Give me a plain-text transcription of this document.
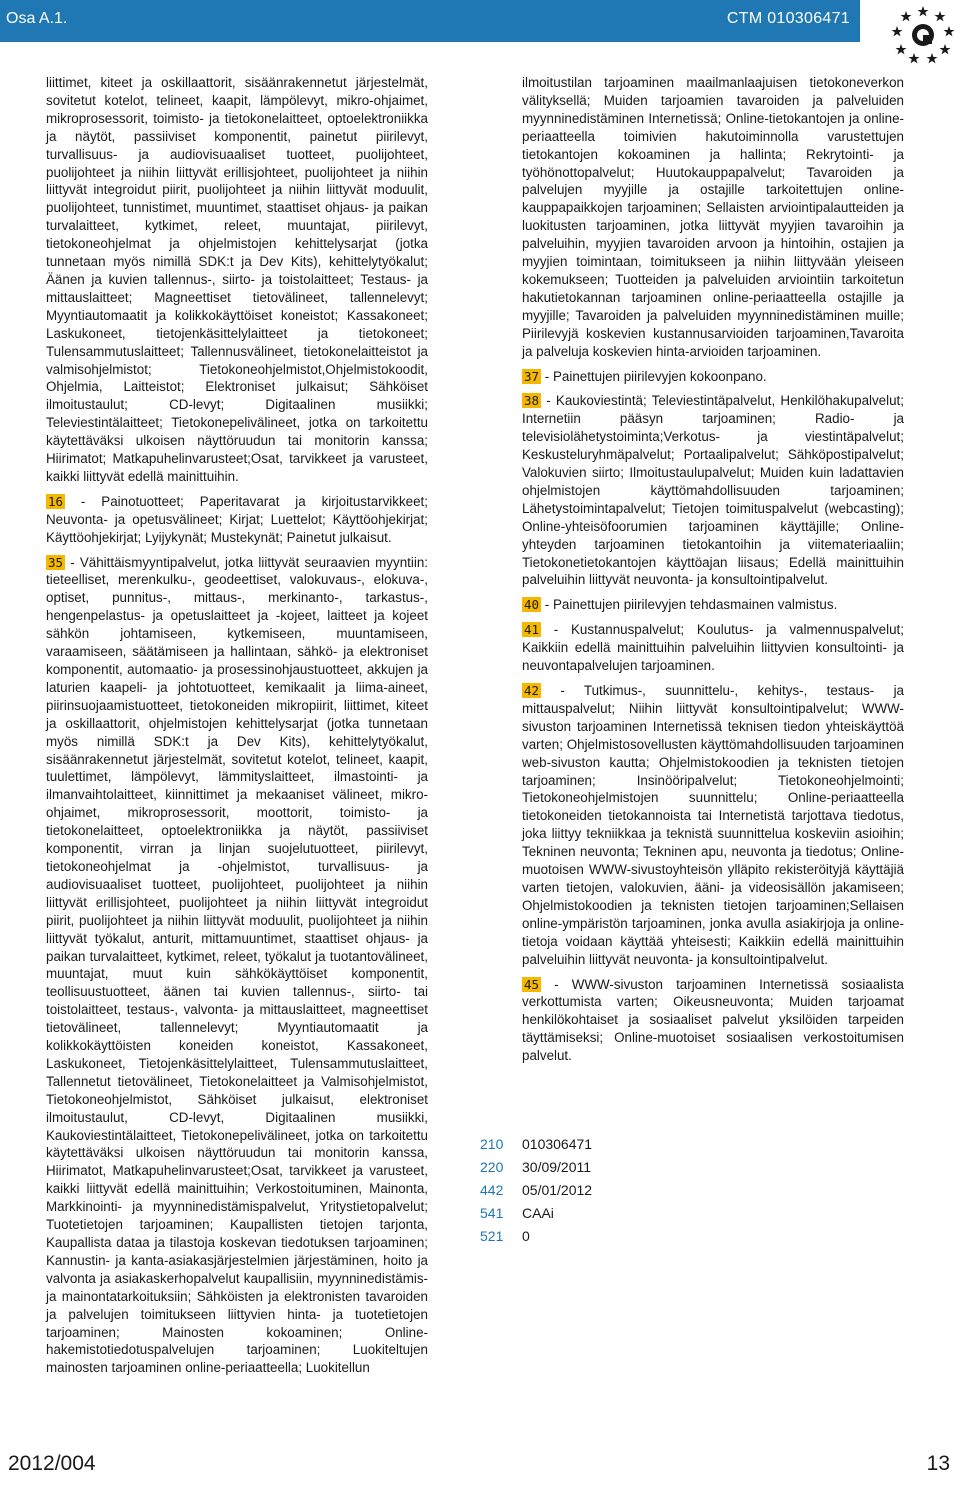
Osa A.1.	CTM 010306471

liittimet, kiteet ja oskillaattorit, sisäänrakennetut järjestelmät, sovitetut kotelot, telineet, kaapit, lämpölevyt, mikro-ohjaimet, mikroprosessorit, toimisto- ja tietokonelaitteet, optoelektroniikka ja näytöt, passiiviset komponentit, painetut piirilevyt, turvallisuus- ja audiovisuaaliset tuotteet, puolijohteet, puolijohteet ja niihin liittyvät erillisjohteet, puolijohteet ja niihin liittyvät integroidut piirit, puolijohteet ja niihin liittyvät moduulit, puolijohteet, tunnistimet, muuntimet, staattiset ohjaus- ja paikan turvalaitteet, kytkimet, releet, muuntajat, piirilevyt, tietokoneohjelmat ja ohjelmistojen kehittelysarjat (jotka tunnetaan myös nimillä SDK:t ja Dev Kits), kehittelytyökalut; Äänen ja kuvien tallennus-, siirto- ja toistolaitteet; Testaus- ja mittauslaitteet; Magneettiset tietovälineet, tallennelevyt; Myyntiautomaatit ja kolikkokäyttöiset koneistot; Kassakoneet; Laskukoneet, tietojenkäsittelylaitteet ja tietokoneet; Tulensammutuslaitteet; Tallennusvälineet, tietokonelaitteistot ja valmisohjelmistot; Tietokoneohjelmistot,Ohjelmistokoodit, Ohjelmia, Laitteistot; Elektroniset julkaisut; Sähköiset ilmoitustaulut; CD-levyt; Digitaalinen musiikki; Televiestintälaitteet; Tietokonepelivälineet, jotka on tarkoitettu käytettäväksi ulkoisen näyttöruudun tai monitorin kanssa; Hiirimatot; Matkapuhelinvarusteet;Osat, tarvikkeet ja varusteet, kaikki liittyvät edellä mainittuihin.

16 - Painotuotteet; Paperitavarat ja kirjoitustarvikkeet; Neuvonta- ja opetusvälineet; Kirjat; Luettelot; Käyttöohjekirjat; Käyttöohjekirjat; Lyijykynät; Mustekynät; Painetut julkaisut.

35 - Vähittäismyyntipalvelut, jotka liittyvät seuraavien myyntiin: tieteelliset, merenkulku-, geodeettiset, valokuvaus-, elokuva-, optiset, punnitus-, mittaus-, merkinanto-, tarkastus-, hengenpelastus- ja opetuslaitteet ja -kojeet, laitteet ja kojeet sähkön johtamiseen, kytkemiseen, muuntamiseen, varaamiseen, säätämiseen ja hallintaan, sähkö- ja elektroniset komponentit, automaatio- ja prosessinohjaustuotteet, akkujen ja laturien kaapeli- ja johtotuotteet, kemikaalit ja liima-aineet, piirinsuojaamistuotteet, tietokoneiden mikropiirit, liittimet, kiteet ja oskillaattorit, ohjelmistojen kehittelysarjat (jotka tunnetaan myös nimillä SDK:t ja Dev Kits), kehittelytyökalut, sisäänrakennetut järjestelmät, sovitetut kotelot, telineet, kaapit, tuulettimet, lämpölevyt, lämmityslaitteet, ilmastointi- ja ilmanvaihtolaitteet, kiinnittimet ja mekaaniset välineet, mikro-ohjaimet, mikroprosessorit, moottorit, toimisto- ja tietokonelaitteet, optoelektroniikka ja näytöt, passiiviset komponentit, virran ja linjan suojelutuotteet, piirilevyt, tietokoneohjelmat ja -ohjelmistot, turvallisuus- ja audiovisuaaliset tuotteet, puolijohteet, puolijohteet ja niihin liittyvät erillisjohteet, puolijohteet ja niihin liittyvät integroidut piirit, puolijohteet ja niihin liittyvät moduulit, puolijohteet ja niihin liittyvät työkalut, anturit, mittamuuntimet, staattiset ohjaus- ja paikan turvalaitteet, kytkimet, releet, työkalut ja tuotantovälineet, muuntajat, muut kuin sähkökäyttöiset komponentit, teollisuustuotteet, äänen tai kuvien tallennus-, siirto- tai toistolaitteet, testaus-, valvonta- ja mittauslaitteet, magneettiset tietovälineet, tallennelevyt; Myyntiautomaatit ja kolikkokäyttöisten koneiden koneistot, Kassakoneet, Laskukoneet, Tietojenkäsittelylaitteet, Tulensammutuslaitteet, Tallennetut tietovälineet, Tietokonelaitteet ja Valmisohjelmistot, Tietokoneohjelmistot, Sähköiset julkaisut, elektroniset ilmoitustaulut, CD-levyt, Digitaalinen musiikki, Kaukoviestintälaitteet, Tietokonepelivälineet, jotka on tarkoitettu käytettäväksi ulkoisen näyttöruudun tai monitorin kanssa, Hiirimatot, Matkapuhelinvarusteet;Osat, tarvikkeet ja varusteet, kaikki liittyvät edellä mainittuihin; Verkostoituminen, Mainonta, Markkinointi- ja myynninedistämispalvelut, Yritystietopalvelut; Tuotetietojen tarjoaminen; Kaupallisten tietojen tarjonta, Kaupallista dataa ja tilastoja koskevan tiedotuksen tarjoaminen; Kannustin- ja kanta-asiakasjärjestelmien järjestäminen, hoito ja valvonta ja asiakaskerhopalvelut kaupallisiin, myynninedistämis- ja mainontatarkoituksiin; Sähköisten ja elektronisten tavaroiden ja palvelujen toimitukseen liittyvien hinta- ja tuotetietojen tarjoaminen; Mainosten kokoaminen; Online-hakemistotiedotuspalvelujen tarjoaminen; Luokiteltujen mainosten tarjoaminen online-periaatteella; Luokitellun

ilmoitustilan tarjoaminen maailmanlaajuisen tietokoneverkon välityksellä; Muiden tarjoamien tavaroiden ja palveluiden myynninedistäminen Internetissä; Online-tietokantojen ja online-periaatteella toimivien hakutoiminnolla varustettujen tietokantojen kokoaminen ja hallinta; Rekrytointi- ja työhönottopalvelut; Huutokauppapalvelut; Tavaroiden ja palvelujen myyjille ja ostajille tarkoitettujen online-kauppapaikkojen tarjoaminen; Sellaisten arviointipalautteiden ja luokitusten tarjoaminen, jotka liittyvät myyjien tavaroihin ja palveluihin, myyjien tavaroiden arvoon ja hintoihin, ostajien ja myyjien toimintaan, toimitukseen ja niihin liittyvään yleiseen kokemukseen; Tuotteiden ja palveluiden arviointiin tarkoitetun hakutietokannan tarjoaminen online-periaatteella ostajille ja myyjille; Tavaroiden ja palveluiden myynninedistäminen muille; Piirilevyjä koskevien kustannusarvioiden tarjoaminen,Tavaroita ja palveluja koskevien hinta-arvioiden tarjoaminen.

37 - Painettujen piirilevyjen kokoonpano.

38 - Kaukoviestintä; Televiestintäpalvelut, Henkilöhakupalvelut; Internetiin pääsyn tarjoaminen; Radio- ja televisiolähetystoiminta;Verkotus- ja viestintäpalvelut; Keskusteluryhmäpalvelut; Portaalipalvelut; Sähköpostipalvelut; Valokuvien siirto; Ilmoitustaulupalvelut; Muiden kuin ladattavien ohjelmistojen käyttömahdollisuuden tarjoaminen; Lähetystoimintapalvelut; Tietojen toimituspalvelut (webcasting); Online-yhteisöfoorumien tarjoaminen käyttäjille; Online-yhteyden tarjoaminen tietokantoihin ja viitemateriaaliin; Tietokonetietokantojen käyttöajan liisaus; Edellä mainittuihin palveluihin liittyvät neuvonta- ja konsultointipalvelut.

40 - Painettujen piirilevyjen tehdasmainen valmistus.

41 - Kustannuspalvelut; Koulutus- ja valmennuspalvelut; Kaikkiin edellä mainittuihin palveluihin liittyvien konsultointi- ja neuvontapalvelujen tarjoaminen.

42 - Tutkimus-, suunnittelu-, kehitys-, testaus- ja mittauspalvelut; Niihin liittyvät konsultointipalvelut; WWW-sivuston tarjoaminen Internetissä teknisen tiedon yhteiskäyttöä varten; Ohjelmistosovellusten käyttömahdollisuuden tarjoaminen web-sivuston kautta; Ohjelmistokoodien ja teknisten tietojen tarjoaminen; Insinööripalvelut; Tietokoneohjelmointi; Tietokoneohjelmistojen suunnittelu; Online-periaatteella tietokoneiden tietokannoista tai Internetistä tarjottava tiedotus, joka liittyy tekniikkaa ja teknistä suunnittelua koskeviin asioihin; Tekninen neuvonta; Tekninen apu, neuvonta ja tiedotus; Online-muotoisen WWW-sivustoyhteisön ylläpito rekisteröityjä käyttäjiä varten tietojen, valokuvien, ääni- ja videosisällön jakamiseen; Ohjelmistokoodien ja teknisten tietojen tarjoaminen;Sellaisen online-ympäristön tarjoaminen, jonka avulla asiakirjoja ja online-tietoja voidaan käyttää yhteisesti; Kaikkiin edellä mainittuihin palveluihin liittyvät neuvonta- ja konsultointipalvelut.

45 - WWW-sivuston tarjoaminen Internetissä sosiaalista verkottumista varten; Oikeusneuvonta; Muiden tarjoamat henkilökohtaiset ja sosiaaliset palvelut yksilöiden tarpeiden täyttämiseksi; Online-muotoiset sosiaalisen verkostoitumisen palvelut.

210	010306471
220	30/09/2011
442	05/01/2012
541	CAAi
521	0
2012/004	13
